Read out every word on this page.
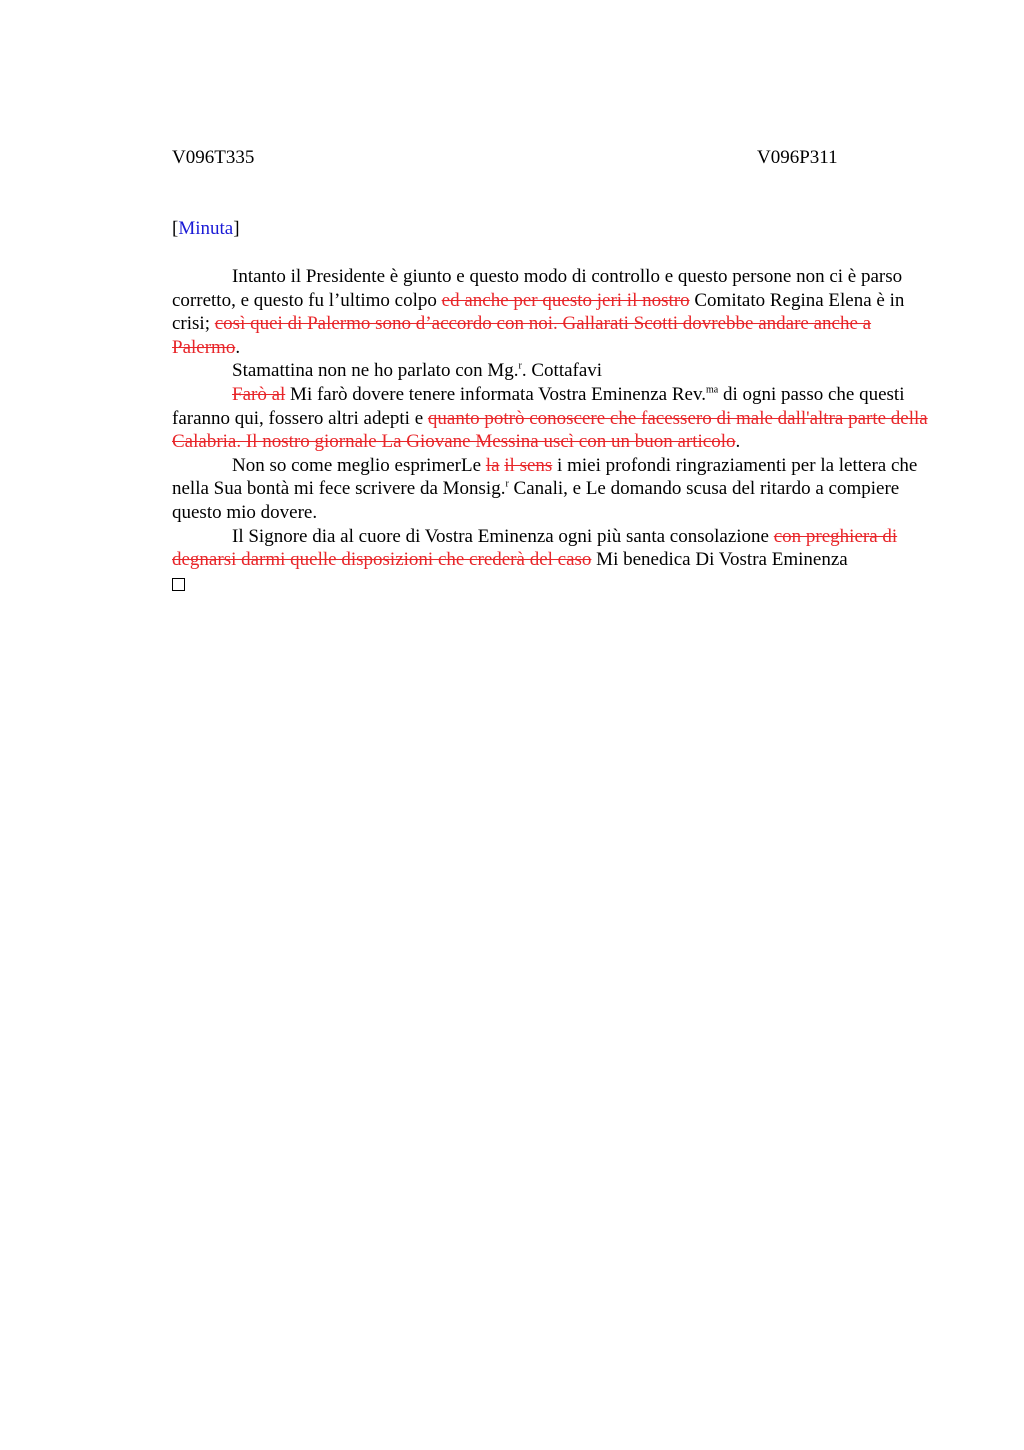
V096T335	V096P311
[Minuta]

Intanto il Presidente è giunto e questo modo di controllo e questo persone non ci è parso corretto, e questo fu l’ultimo colpo ed anche per questo jeri il nostro Comitato Regina Elena è in crisi; così quei di Palermo sono d’accordo con noi. Gallarati Scotti dovrebbe andare anche a Palermo.

Stamattina non ne ho parlato con Mg.$^r$. Cottafavi

Farò al Mi farò dovere tenere informata Vostra Eminenza Rev.$^{ma}$ di ogni passo che questi faranno qui, fossero altri adepti e quanto potrò conoscere che facessero di male dall'altra parte della Calabria. Il nostro giornale La Giovane Messina uscì con un buon articolo.

Non so come meglio esprimerLe la il sens i miei profondi ringraziamenti per la lettera che nella Sua bontà mi fece scrivere da Monsig.$^r$ Canali, e Le domando scusa del ritardo a compiere questo mio dovere.

Il Signore dia al cuore di Vostra Eminenza ogni più santa consolazione con preghiera di degnarsi darmi quelle disposizioni che crederà del caso Mi benedica Di Vostra Eminenza
